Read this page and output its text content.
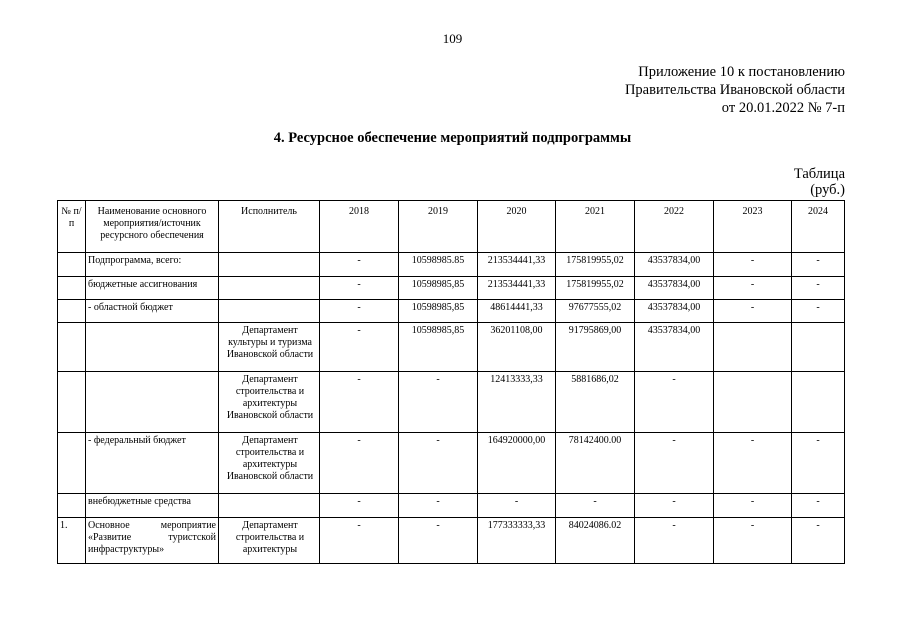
109
Приложение 10 к постановлению
Правительства Ивановской области
от 20.01.2022 № 7-п
4. Ресурсное обеспечение мероприятий подпрограммы
Таблица
(руб.)
№ п/п	Наименование основного мероприятия/источник ресурсного обеспечения	Исполнитель	2018	2019	2020	2021	2022	2023	2024
	Подпрограмма, всего:		-	10598985.85	213534441,33	175819955,02	43537834,00	-	-
	бюджетные ассигнования		-	10598985,85	213534441,33	175819955,02	43537834,00	-	-
	- областной бюджет		-	10598985,85	48614441,33	97677555,02	43537834,00	-	-
		Департамент культуры и туризма Ивановской области	-	10598985,85	36201108,00	91795869,00	43537834,00		
		Департамент строительства и архитектуры Ивановской области	-	-	12413333,33	5881686,02	-		
	- федеральный бюджет	Департамент строительства и архитектуры Ивановской области	-	-	164920000,00	78142400.00	-	-	-
	внебюджетные средства		-	-	-	-	-	-	-
1.	Основное мероприятие «Развитие туристской инфраструктуры»	Департамент строительства и архитектуры	-	-	177333333,33	84024086.02	-	-	-
